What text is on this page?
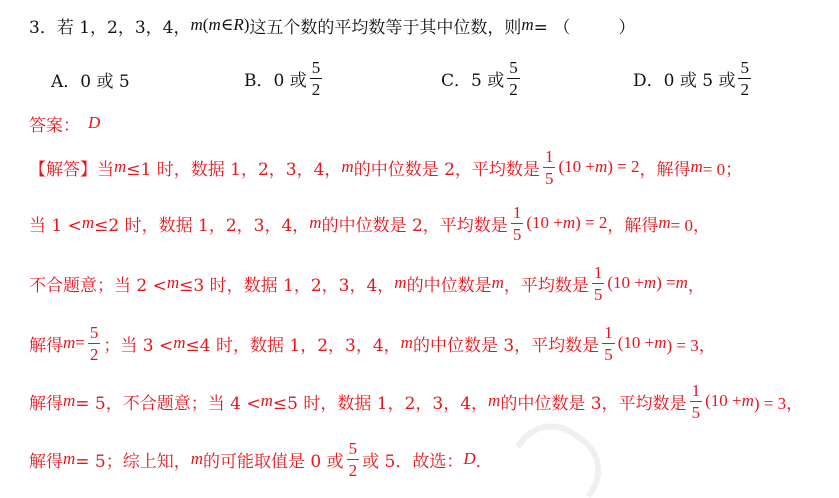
3． 若 1，2，3，4， m ( m ∈ R ) 这五个数的平均数等于其中位数，则 m = （	）
A．0 或 5	B．0 或 $\frac{5}{2}$	C．5 或 $\frac{5}{2}$	D．0 或 5 或 $\frac{5}{2}$
答案： D
【解答】 当 m ≤1 时，数据 1，2，3，4， m 的中位数是 2，平均数是 $\frac{1}{5} (10 + m$ ) = 2 ，解得 m = 0；
当 1 < m ≤2 时，数据 1，2，3，4， m 的中位数是 2，平均数是 $\frac{1}{5} (10 + m$ ) = 2 ，解得 m = 0，
不合题意；当 2 < m ≤3 时，数据 1，2，3，4， m 的中位数是 m ，平均数是 $\frac{1}{5} (10 + m$ ) = m ，
解得 $m = \frac{5}{2}$ ；当 3 < m ≤4 时，数据 1，2，3，4， m 的中位数是 3，平均数是 $\frac{1}{5} (10 + m$ ) = 3，
解得 m = 5，不合题意；当 4 < m ≤5 时，数据 1，2，3，4， m 的中位数是 3，平均数是 $\frac{1}{5} (10 + m$ ) = 3，
解得 m = 5；综上知， m 的可能取值是 0 或 $\frac{5}{2}$ 或 5．故选： D ．
